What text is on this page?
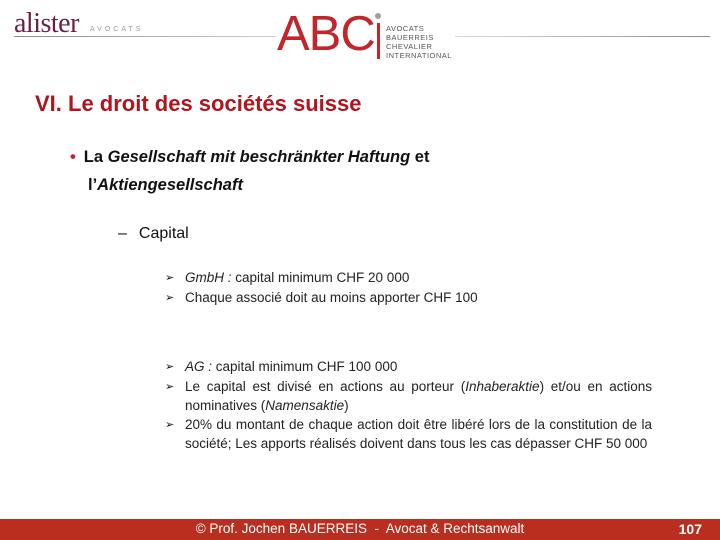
alister AVOCATS	ABC AVOCATS
BAUERREIS
CHEVALIER
INTERNATIONAL
VI. Le droit des sociétés suisse
• La Gesellschaft mit beschränkter Haftung et
l’Aktiengesellschaft
– Capital
➢ GmbH : capital minimum CHF 20 000
➢ Chaque associé doit au moins apporter CHF 100
➢ AG : capital minimum CHF 100 000
➢ Le capital est divisé en actions au porteur (Inhaberaktie) et/ou en actions nominatives (Namensaktie)
➢ 20% du montant de chaque action doit être libéré lors de la constitution de la société; Les apports réalisés doivent dans tous les cas dépasser CHF 50 000
© Prof. Jochen BAUERREIS  -  Avocat & Rechtsanwalt	107
